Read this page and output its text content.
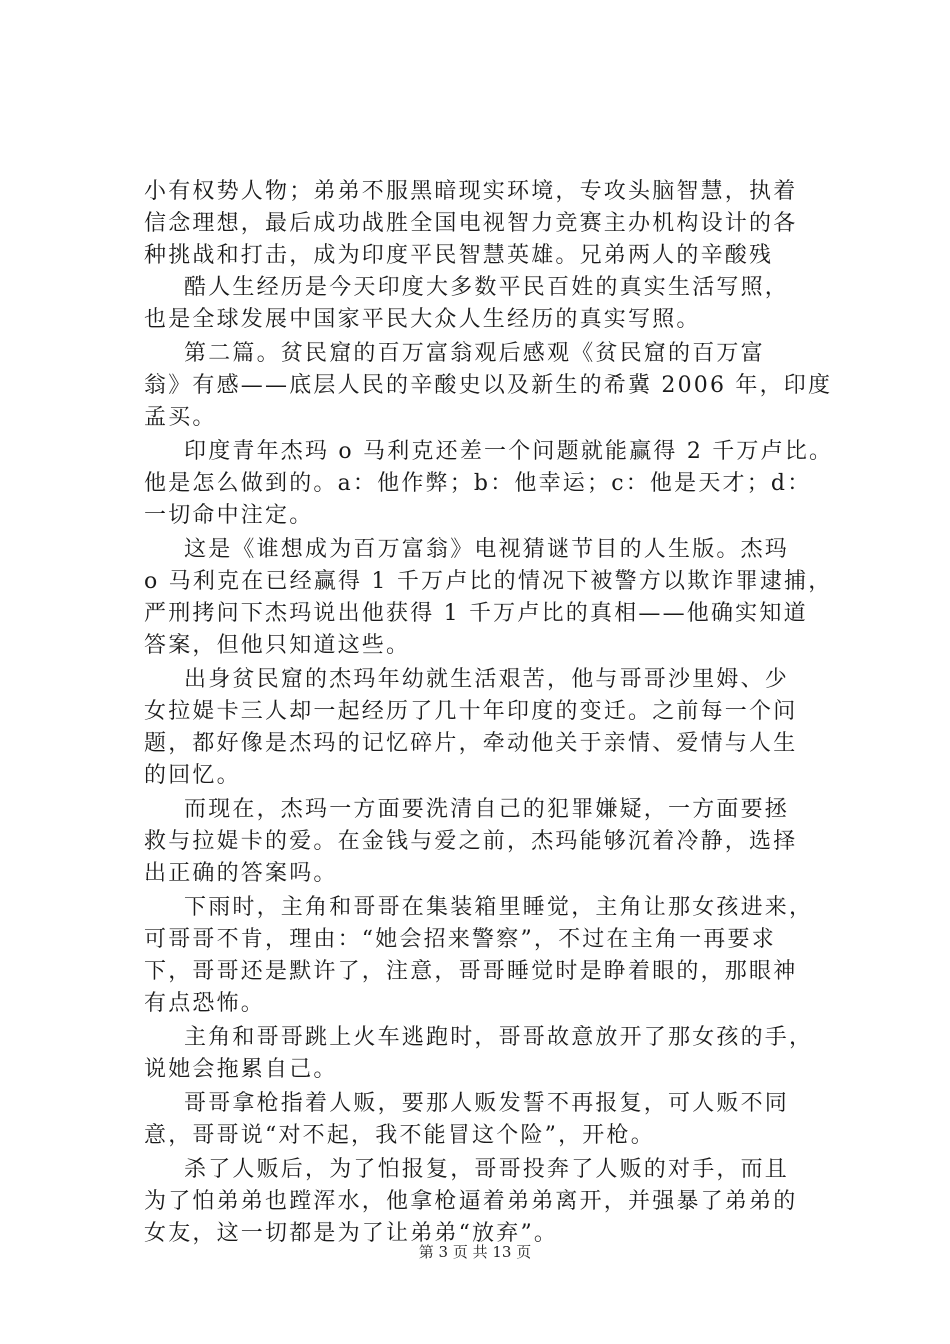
小有权势人物；弟弟不服黑暗现实环境，专攻头脑智慧，执着

信念理想，最后成功战胜全国电视智力竞赛主办机构设计的各

种挑战和打击，成为印度平民智慧英雄。兄弟两人的辛酸残

酷人生经历是今天印度大多数平民百姓的真实生活写照，

也是全球发展中国家平民大众人生经历的真实写照。

第二篇。贫民窟的百万富翁观后感观《贫民窟的百万富

翁》有感——底层人民的辛酸史以及新生的希冀 2006 年，印度

孟买。

印度青年杰玛 o 马利克还差一个问题就能赢得 2 千万卢比。

他是怎么做到的。a：他作弊；b：他幸运；c：他是天才；d：

一切命中注定。

这是《谁想成为百万富翁》电视猜谜节目的人生版。杰玛

o 马利克在已经赢得 1 千万卢比的情况下被警方以欺诈罪逮捕，

严刑拷问下杰玛说出他获得 1 千万卢比的真相——他确实知道

答案，但他只知道这些。

出身贫民窟的杰玛年幼就生活艰苦，他与哥哥沙里姆、少

女拉媞卡三人却一起经历了几十年印度的变迁。之前每一个问

题，都好像是杰玛的记忆碎片，牵动他关于亲情、爱情与人生

的回忆。

而现在，杰玛一方面要洗清自己的犯罪嫌疑，一方面要拯

救与拉媞卡的爱。在金钱与爱之前，杰玛能够沉着冷静，选择

出正确的答案吗。

下雨时，主角和哥哥在集装箱里睡觉，主角让那女孩进来，

可哥哥不肯，理由：“她会招来警察”，不过在主角一再要求

下，哥哥还是默许了，注意，哥哥睡觉时是睁着眼的，那眼神

有点恐怖。

主角和哥哥跳上火车逃跑时，哥哥故意放开了那女孩的手，

说她会拖累自己。

哥哥拿枪指着人贩，要那人贩发誓不再报复，可人贩不同

意，哥哥说“对不起，我不能冒这个险”，开枪。

杀了人贩后，为了怕报复，哥哥投奔了人贩的对手，而且

为了怕弟弟也蹚浑水，他拿枪逼着弟弟离开，并强暴了弟弟的

女友，这一切都是为了让弟弟“放弃”。

第 3 页 共 13 页
